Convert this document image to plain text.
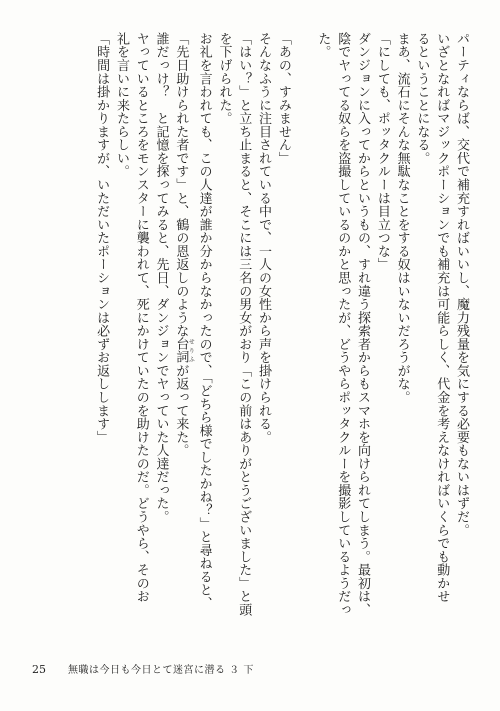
パーティならば、交代で補充すればいいし、魔力残量を気にする必要もないはずだ。
いざとなればマジックポーションでも補充は可能らしく、代金を考えなければいくらでも動かせ
るということになる。
まあ、流石にそんな無駄なことをする奴はいないだろうがな。
「にしても、ポッタクルーは目立つな」
ダンジョンに入ってからというもの、すれ違う探索者からもスマホを向けられてしまう。最初は、
陰でヤってる奴らを盗撮しているのかと思ったが、どうやらポッタクルーを撮影しているようだっ
た。
「あの、すみません」
そんなふうに注目されている中で、一人の女性から声を掛けられる。
「はい？」と立ち止まると、そこには三名の男女がおり「この前はありがとうございました」と頭
を下げられた。
お礼を言われても、この人達が誰か分からなかったので、「どちら様でしたかね？」と尋ねると、
「先日助けられた者です」と、鶴の恩返しのような台詞 せりふが返って来た。
誰だっけ？　と記憶を探ってみると、先日、ダンジョンでヤっていた人達だった。
ヤっているところをモンスターに襲われて、死にかけていたのを助けたのだ。どうやら、そのお
礼を言いに来たらしい。
「時間は掛かりますが、いただいたポーションは必ずお返しします」
25 無職は今日も今日とて迷宮に潜る ３ 下
